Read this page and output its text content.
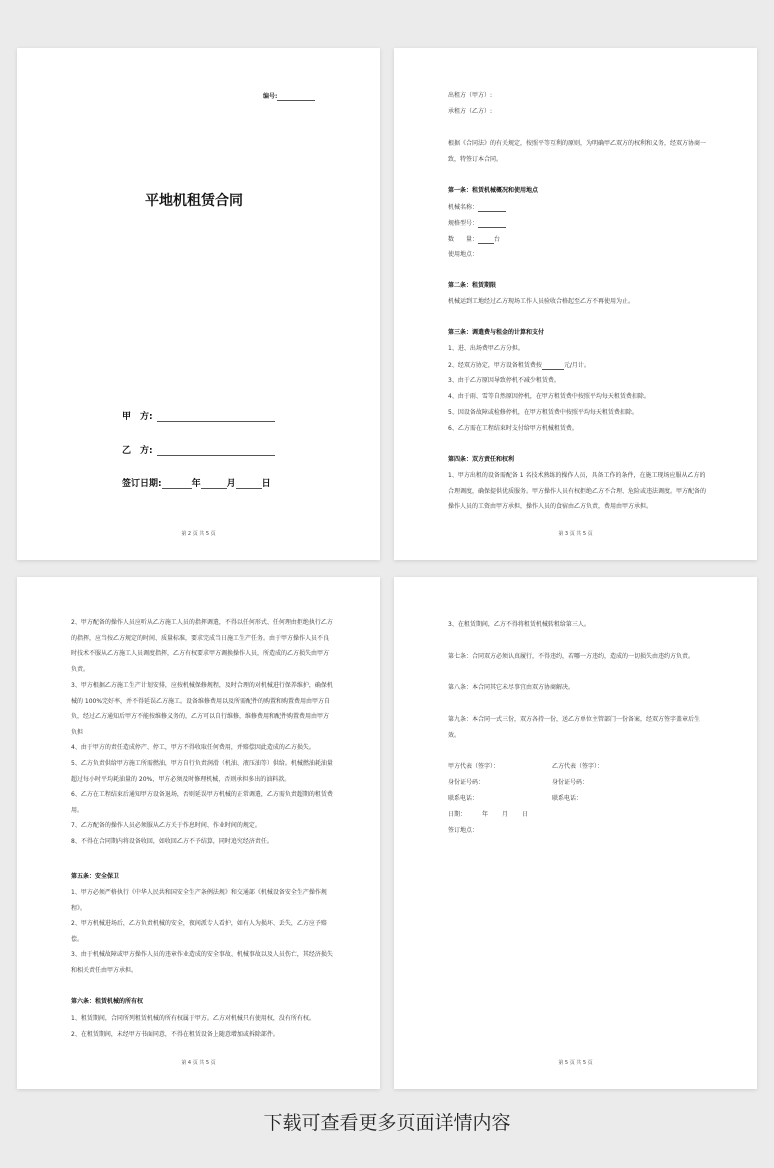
编号:
平地机租赁合同
甲　方:
乙　方:
签订日期:	年	月	日
第 2 页 共 5 页
出租方（甲方）:
承租方（乙方）:
根据《合同法》的有关规定，按照平等互利的原则，为明确甲乙双方的权利和义务，经双方协商一致，特签订本合同。
第一条：租赁机械概况和使用地点
机械名称：
规格型号：
数　　量：	台
使用地点：
第二条：租赁期限
机械运到工地经过乙方现场工作人员验收合格起至乙方不再使用为止。
第三条：调遣费与租金的计算和支付
1、进、出场费甲乙方分担。
2、经双方协定，甲方设备租赁费按	元/月计。
3、由于乙方原因导致停机不减少租赁费。
4、由于雨、雪等自然原因停机，在甲方租赁费中按照平均每天租赁费扣除。
5、因设备故障或检修停机，在甲方租赁费中按照平均每天租赁费扣除。
6、乙方需在工程结束时支付给甲方机械租赁费。
第四条：双方责任和权利
1、甲方出租的设备需配备 1 名技术熟练的操作人员，具备工作的条件，在施工现场应服从乙方的合理调度，确保提供优质服务。甲方操作人员有权拒绝乙方不合理、危险或违法调度。甲方配备的操作人员的工资由甲方承担，操作人员的食宿由乙方负责，费用由甲方承担。
第 3 页 共 5 页
2、甲方配备的操作人员应听从乙方施工人员的指挥调遣，不得以任何形式、任何理由拒绝执行乙方的指挥，应当按乙方规定的时间、质量标准，要求完成当日施工生产任务。由于甲方操作人员不良时技术不服从乙方施工人员调度指挥，乙方有权要求甲方调换操作人员，所造成的乙方损失由甲方负责。
3、甲方根据乙方施工生产计划安排，应按机械保修规程，及时合理的对机械进行保养维护，确保机械的 100%完好率，并不得延误乙方施工。设备维修费用以及所需配件的购置和购置费用由甲方自负，经过乙方通知后甲方不能按维修义务的，乙方可以自行维修，维修费用和配件购置费用由甲方负担
4、由于甲方的责任造成停产、停工，甲方不得收取任何费用，并赔偿因此造成的乙方损失。
5、乙方负责供给甲方施工所需燃油，甲方自行负责润滑（机油、液压油等）供给。机械燃油耗油量超过每小时平均耗油量的 20%，甲方必须及时修理机械，否则承担多出的油料款。
6、乙方在工程结束后通知甲方设备退场，否则延误甲方机械的正常调遣，乙方需负责超期的租赁费用。
7、乙方配备的操作人员必须服从乙方关于作息时间、作业时间的规定。
8、不得在合同期内将设备收回，如收回乙方不予结算，同时追究经济责任。
第五条：安全保卫
1、甲方必须严格执行《中华人民共和国安全生产条例法规》和交通部《机械设备安全生产操作规程》。
2、甲方机械进场后，乙方负责机械的安全，夜间派专人看护，如有人为损坏、丢失，乙方应予赔偿。
3、由于机械故障或甲方操作人员的违章作业造成的安全事故、机械事故以及人员伤亡，其经济损失和相关责任由甲方承担。
第六条：租赁机械的所有权
1、租赁期间，合同所列租赁机械的所有权属于甲方。乙方对机械只有使用权，没有所有权。
2、在租赁期间，未经甲方书面同意，不得在租赁设备上随意增加或拆除部件。
第 4 页 共 5 页
3、在租赁期间，乙方不得将租赁机械转租给第三人。
第七条：合同双方必须认真履行，不得违约，若哪一方违约，造成的一切损失由违约方负责。
第八条：本合同其它未尽事宜由双方协商解决。
第九条：本合同一式三份，双方各持一份，送乙方单位主管部门一份备案，经双方签字盖章后生效。
甲方代表（签字）：	乙方代表（签字）：
身份证号码：	身份证号码：
联系电话：	联系电话：
日期：	年 月 日
签订地点：
第 5 页 共 5 页
下载可查看更多页面详情内容
